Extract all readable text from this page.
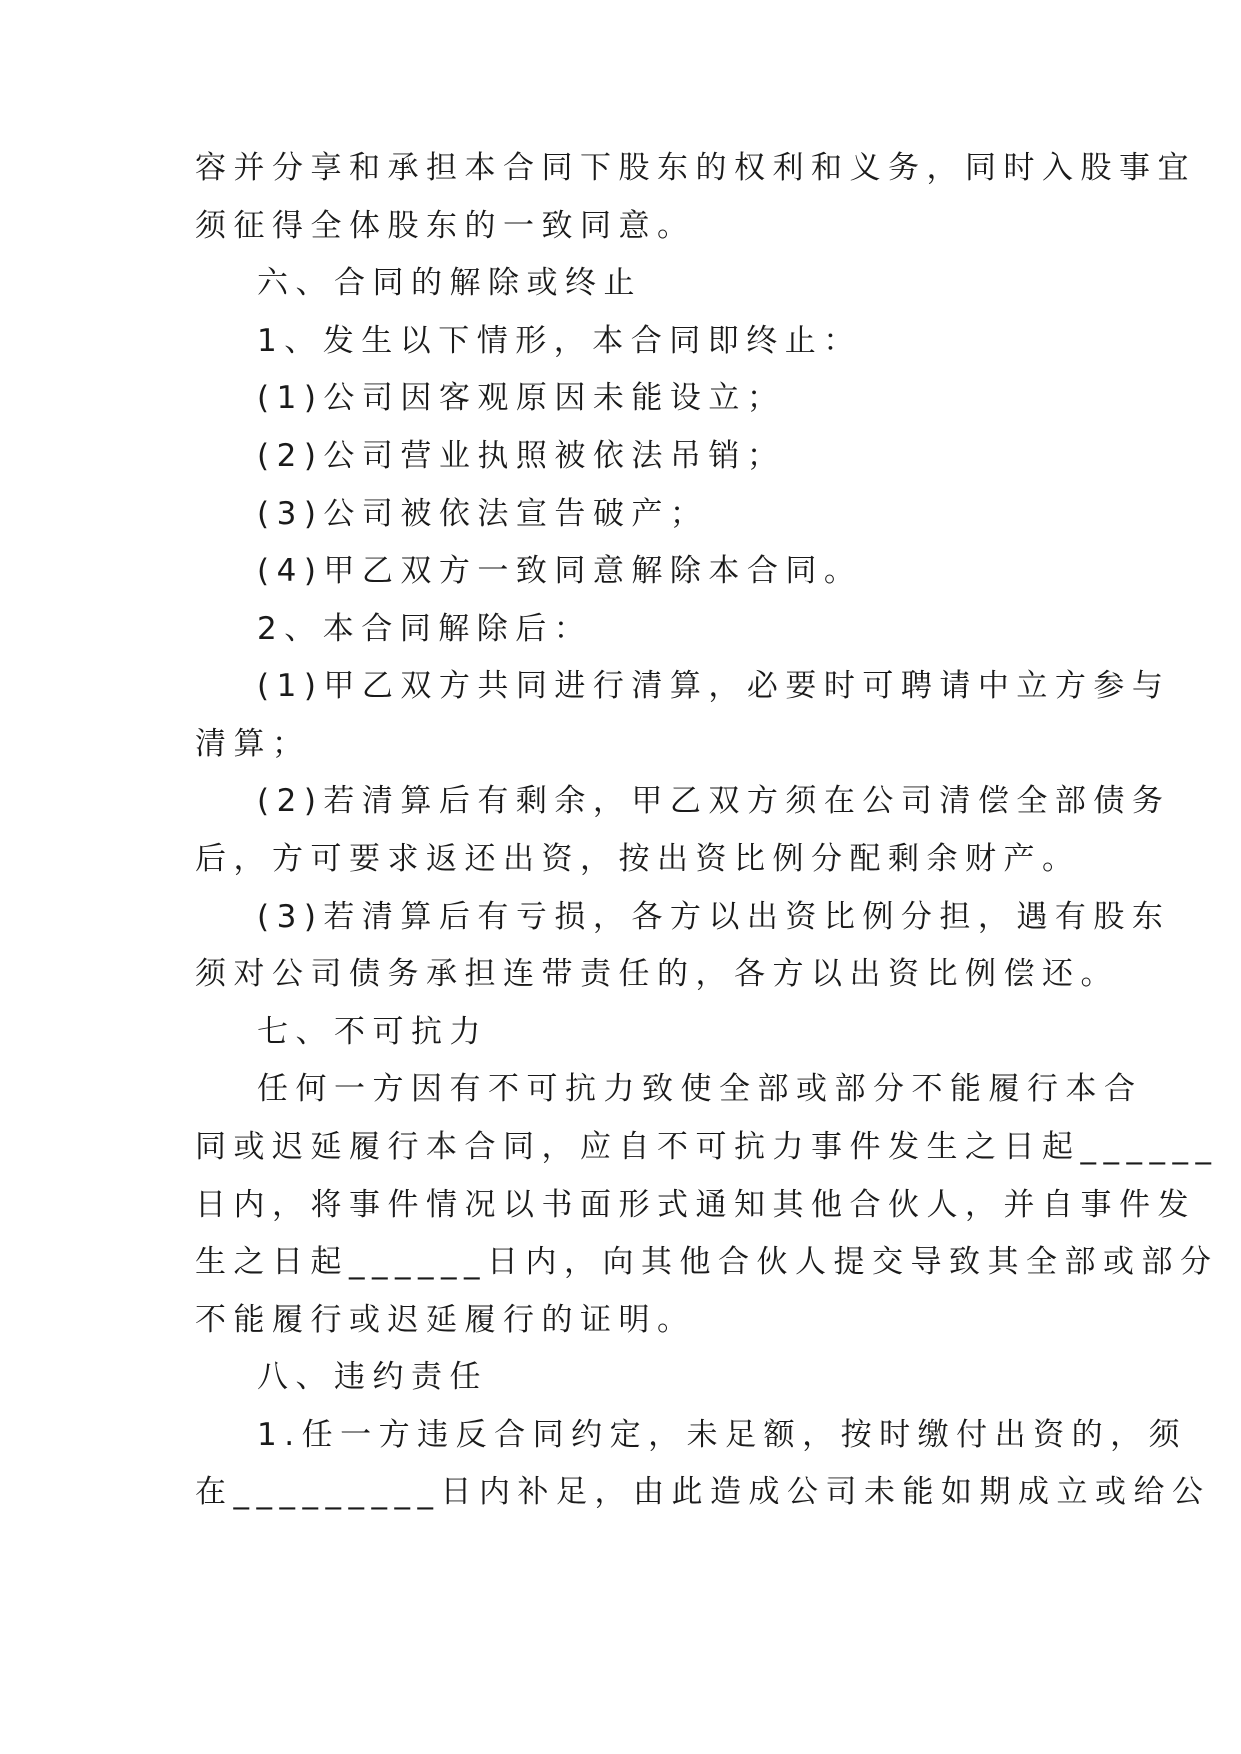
容并分享和承担本合同下股东的权利和义务，同时入股事宜
须征得全体股东的一致同意。
六、合同的解除或终止
1、发生以下情形，本合同即终止：
(1)公司因客观原因未能设立；
(2)公司营业执照被依法吊销；
(3)公司被依法宣告破产；
(4)甲乙双方一致同意解除本合同。
2、本合同解除后：
(1)甲乙双方共同进行清算，必要时可聘请中立方参与
清算；
(2)若清算后有剩余，甲乙双方须在公司清偿全部债务
后，方可要求返还出资，按出资比例分配剩余财产。
(3)若清算后有亏损，各方以出资比例分担，遇有股东
须对公司债务承担连带责任的，各方以出资比例偿还。
七、不可抗力
任何一方因有不可抗力致使全部或部分不能履行本合
同或迟延履行本合同，应自不可抗力事件发生之日起______
日内，将事件情况以书面形式通知其他合伙人，并自事件发
生之日起______日内，向其他合伙人提交导致其全部或部分
不能履行或迟延履行的证明。
八、违约责任
1.任一方违反合同约定，未足额，按时缴付出资的，须
在_________日内补足，由此造成公司未能如期成立或给公
